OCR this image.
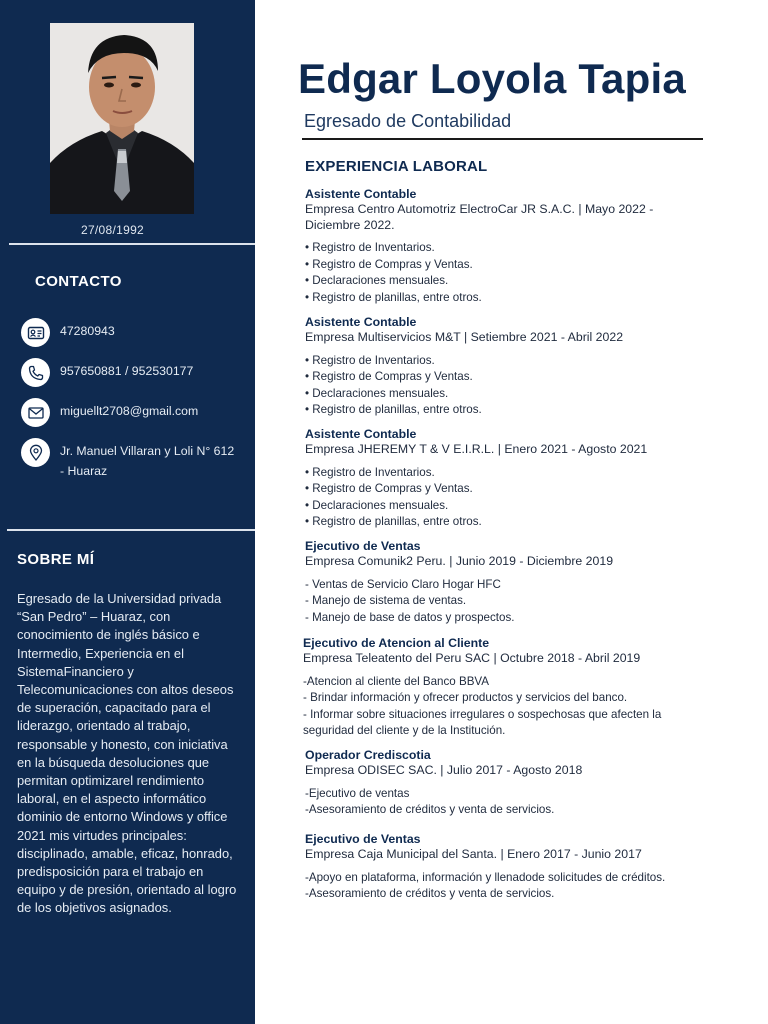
27/08/1992
CONTACTO
47280943
957650881 / 952530177
miguellt2708@gmail.com
Jr. Manuel Villaran y Loli N° 612 - Huaraz
SOBRE MÍ

Egresado de la Universidad privada “San Pedro” – Huaraz, con conocimiento de inglés básico e Intermedio, Experiencia en el SistemaFinanciero y Telecomunicaciones con altos deseos de superación, capacitado para el liderazgo, orientado al trabajo, responsable y honesto, con iniciativa en la búsqueda desoluciones que permitan optimizarel rendimiento laboral, en el aspecto informático dominio de entorno Windows y office 2021 mis virtudes principales: disciplinado, amable, eficaz, honrado, predisposición para el trabajo en equipo y de presión, orientado al logro de los objetivos asignados.

Edgar Loyola Tapia
Egresado de Contabilidad
EXPERIENCIA LABORAL
Asistente Contable
Empresa Centro Automotriz ElectroCar JR S.A.C. | Mayo 2022 - Diciembre 2022.
• Registro de Inventarios.
• Registro de Compras y Ventas.
• Declaraciones mensuales.
• Registro de planillas, entre otros.
Asistente Contable
Empresa Multiservicios M&T | Setiembre 2021 - Abril 2022
• Registro de Inventarios.
• Registro de Compras y Ventas.
• Declaraciones mensuales.
• Registro de planillas, entre otros.
Asistente Contable
Empresa JHEREMY T & V E.I.R.L. | Enero 2021 - Agosto 2021
• Registro de Inventarios.
• Registro de Compras y Ventas.
• Declaraciones mensuales.
• Registro de planillas, entre otros.
Ejecutivo de Ventas
Empresa Comunik2 Peru. | Junio 2019 - Diciembre 2019
- Ventas de Servicio Claro Hogar HFC
- Manejo de sistema de ventas.
- Manejo de base de datos y prospectos.
Ejecutivo de Atencion al Cliente
Empresa Teleatento del Peru SAC | Octubre 2018 - Abril 2019
-Atencion al cliente del Banco BBVA
- Brindar información y ofrecer productos y servicios del banco.
- Informar sobre situaciones irregulares o sospechosas que afecten la seguridad del cliente y de la Institución.
Operador Crediscotia
Empresa ODISEC SAC. | Julio 2017 - Agosto 2018
-Ejecutivo de ventas
-Asesoramiento de créditos y venta de servicios.
Ejecutivo de Ventas
Empresa Caja Municipal del Santa. | Enero 2017 - Junio 2017
-Apoyo en plataforma, información y llenadode solicitudes de créditos.
-Asesoramiento de créditos y venta de servicios.
